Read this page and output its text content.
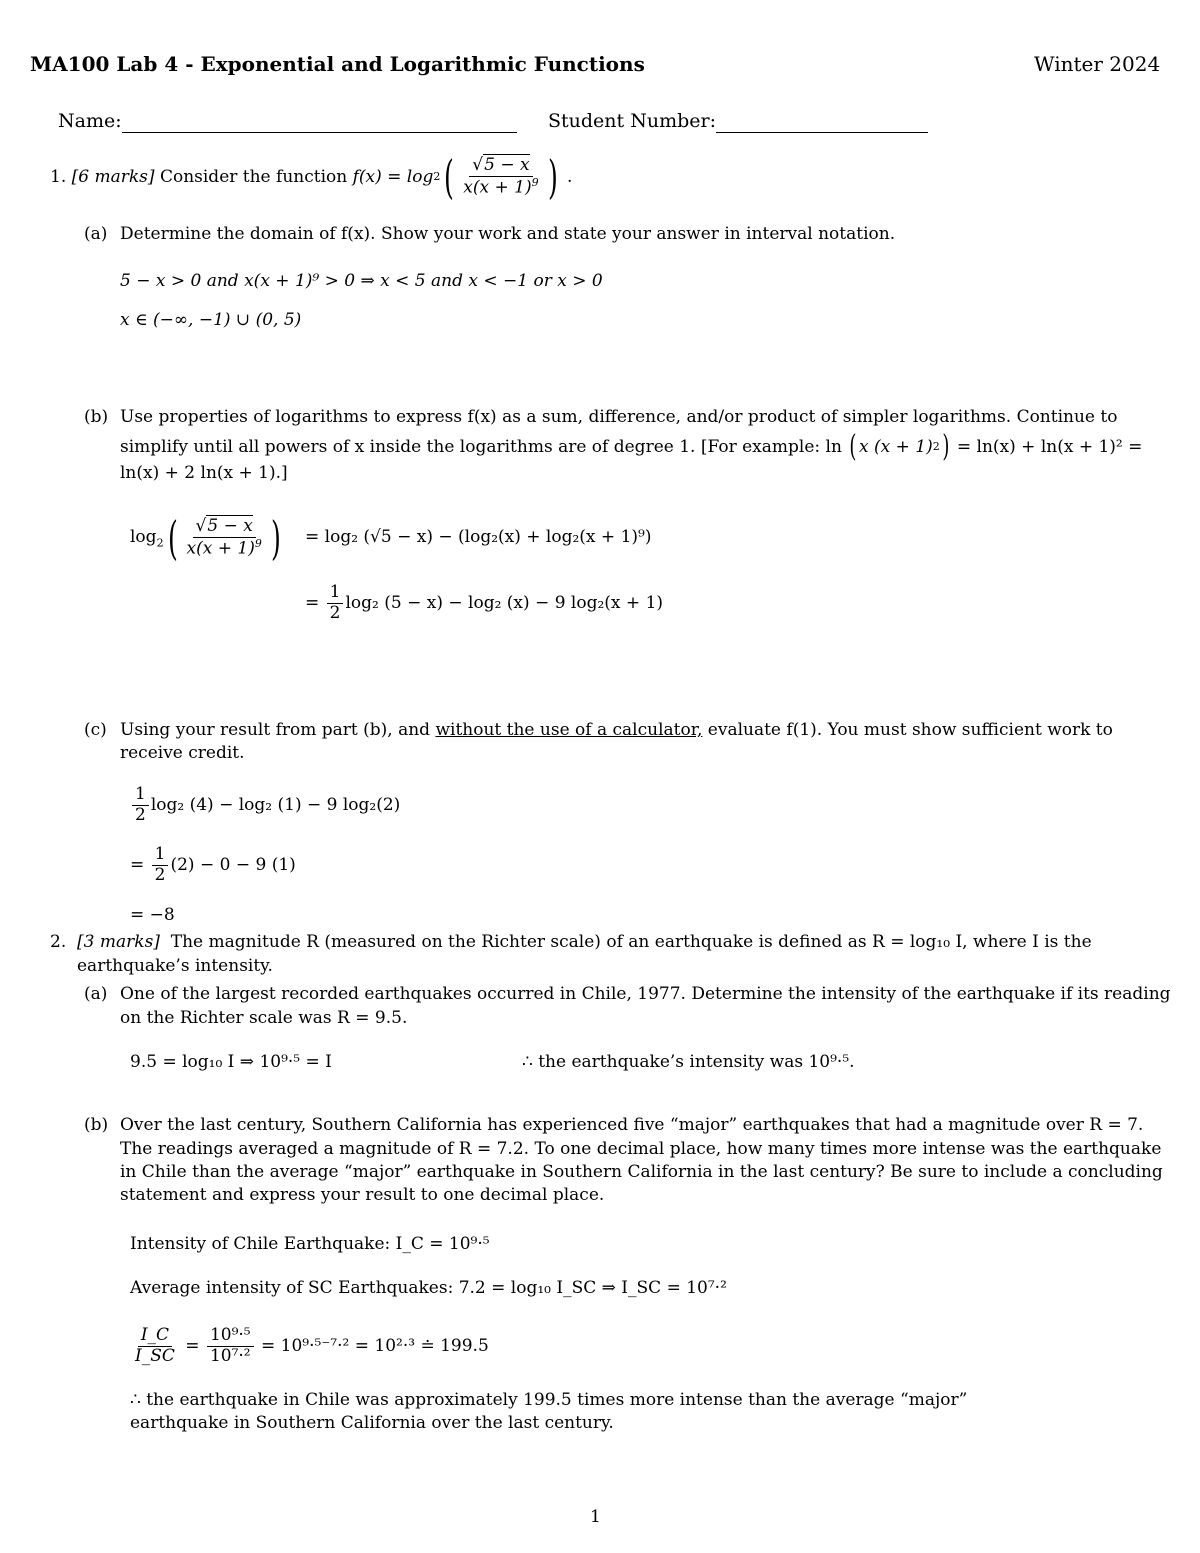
MA100 Lab 4 - Exponential and Logarithmic Functions	Winter 2024
Name:	Student Number:
1.
[6 marks]
Consider the function
f(x) = log 2 ( $\frac{√5 - x}{x(x + 1)^9}$ ) .
(a) Determine the domain of f(x). Show your work and state your answer in interval notation.
5 − x > 0 and x(x + 1)⁹ > 0 ⇒ x < 5 and x < −1 or x > 0
x ∈ (−∞, −1) ∪ (0, 5)
(b) Use properties of logarithms to express f(x) as a sum, difference, and/or product of simpler logarithms. Continue to
simplify until all powers of x inside the logarithms are of degree 1. [For example: ln
( x (x + 1) 2 )
= ln(x) + ln(x + 1)² =
ln(x) + 2 ln(x + 1).]
$\log_2$ ( $\frac{√5 - x}{x(x + 1)^9}$ ) = log₂ (√5 − x) − (log₂(x) + log₂(x + 1)⁹)
=
$\frac{1}{2} \log_2$ (5 − x) − log₂ (x) − 9 log₂(x + 1)
(c) Using your result from part (b), and without the use of a calculator, evaluate f(1). You must show sufficient work to
receive credit.
$\frac{1}{2} \log_2$ (4) − log₂ (1) − 9 log₂(2)
=
$\frac{1}{2} (2) - 0 - 9$ (1)
= −8
2. [3 marks] The magnitude R (measured on the Richter scale) of an earthquake is defined as R = log₁₀ I, where I is the
earthquake’s intensity.
(a) One of the largest recorded earthquakes occurred in Chile, 1977. Determine the intensity of the earthquake if its reading
on the Richter scale was R = 9.5.
9.5 = log₁₀ I ⇒ 10⁹·⁵ = I	∴ the earthquake’s intensity was 10⁹·⁵.
(b) Over the last century, Southern California has experienced five “major” earthquakes that had a magnitude over R = 7.
The readings averaged a magnitude of R = 7.2. To one decimal place, how many times more intense was the earthquake
in Chile than the average “major” earthquake in Southern California in the last century? Be sure to include a concluding
statement and express your result to one decimal place.
Intensity of Chile Earthquake: I_C = 10⁹·⁵
Average intensity of SC Earthquakes: 7.2 = log₁₀ I_SC ⇒ I_SC = 10⁷·²
$\frac{I\_C}{I\_SC} = \frac{\text{10⁹·⁵}}{\text{10⁷·²}}$
= 10⁹·⁵⁻⁷·² = 10²·³ ≐ 199.5
∴ the earthquake in Chile was approximately 199.5 times more intense than the average “major”
earthquake in Southern California over the last century.
1
